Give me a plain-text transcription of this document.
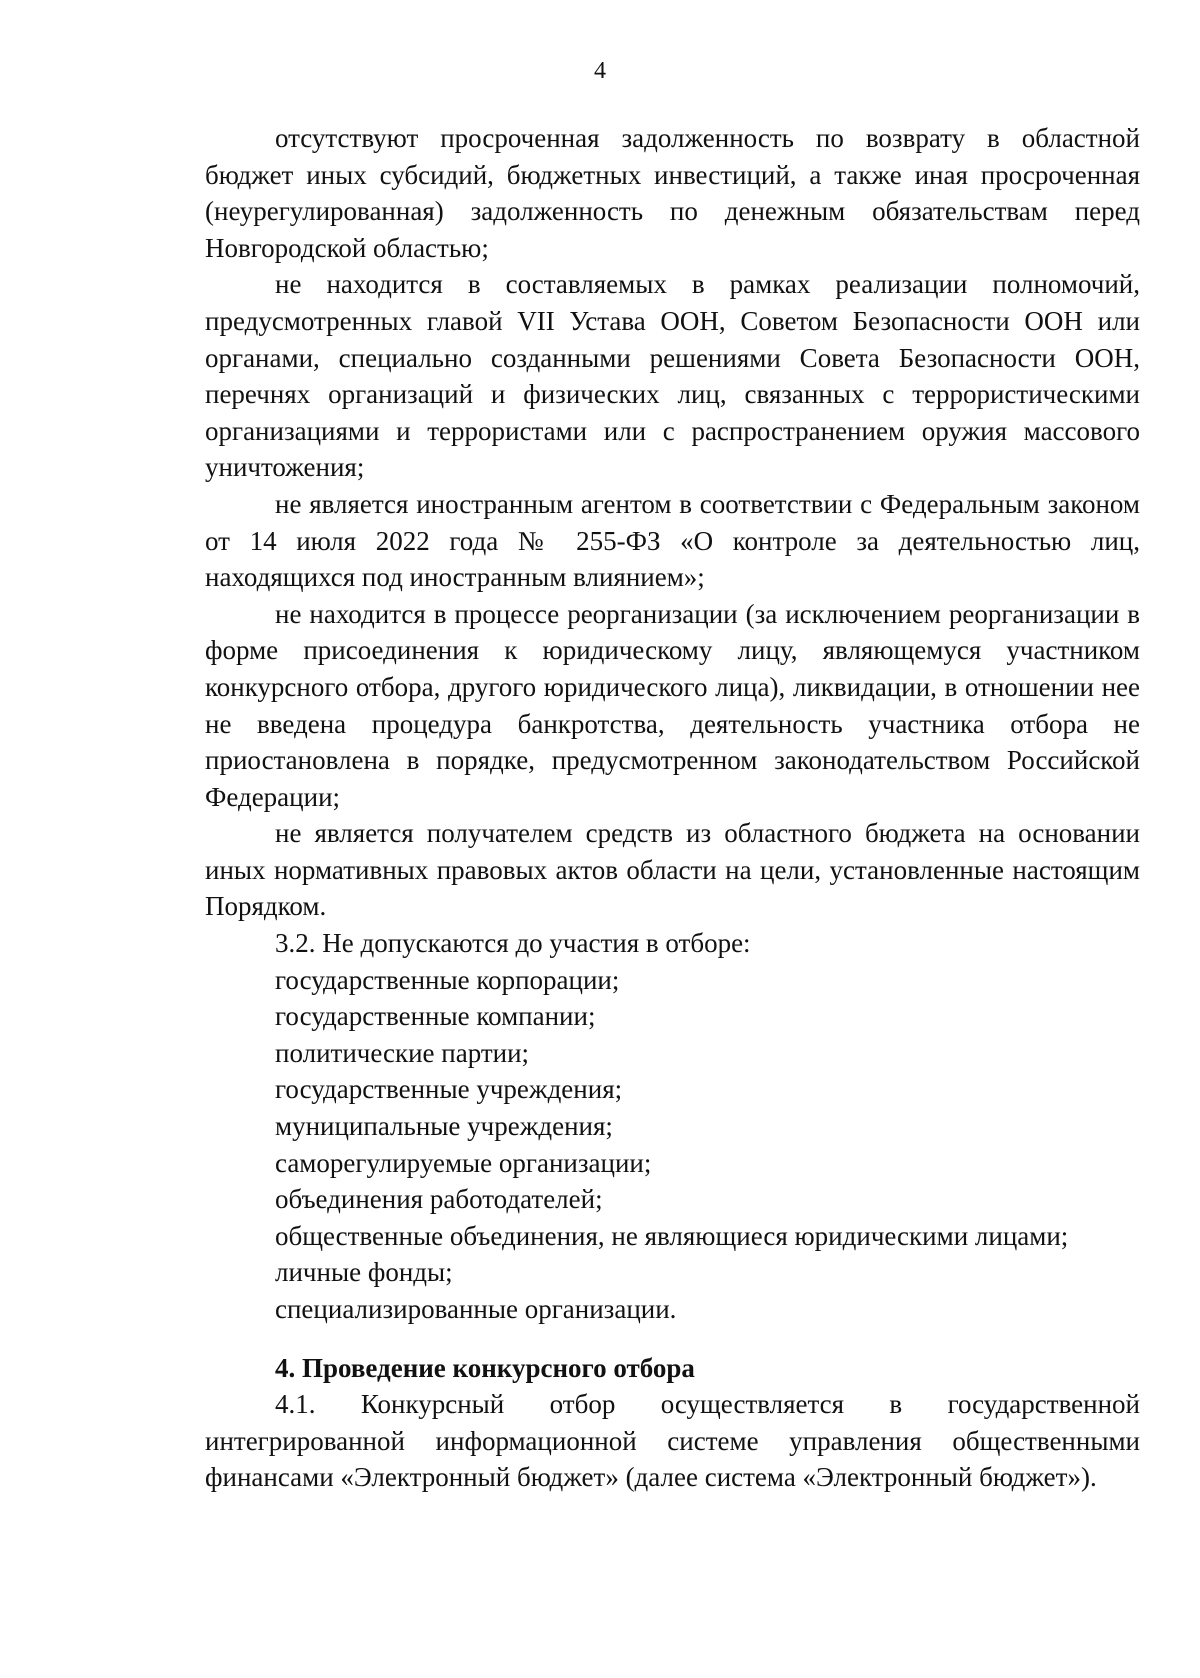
4

отсутствуют просроченная задолженность по возврату в областной бюджет иных субсидий, бюджетных инвестиций, а также иная просроченная (неурегулированная) задолженность по денежным обязательствам перед Новгородской областью;

не находится в составляемых в рамках реализации полномочий, предусмотренных главой VII Устава ООН, Советом Безопасности ООН или органами, специально созданными решениями Совета Безопасности ООН, перечнях организаций и физических лиц, связанных с террористическими организациями и террористами или с распространением оружия массового уничтожения;

не является иностранным агентом в соответствии с Федеральным законом от 14 июля 2022 года № 255-ФЗ «О контроле за деятельностью лиц, находящихся под иностранным влиянием»;

не находится в процессе реорганизации (за исключением реорганизации в форме присоединения к юридическому лицу, являющемуся участником конкурсного отбора, другого юридического лица), ликвидации, в отношении нее не введена процедура банкротства, деятельность участника отбора не приостановлена в порядке, предусмотренном законодательством Российской Федерации;

не является получателем средств из областного бюджета на основании иных нормативных правовых актов области на цели, установленные настоящим Порядком.

3.2. Не допускаются до участия в отборе:

государственные корпорации;

государственные компании;

политические партии;

государственные учреждения;

муниципальные учреждения;

саморегулируемые организации;

объединения работодателей;

общественные объединения, не являющиеся юридическими лицами;

личные фонды;

специализированные организации.

4. Проведение конкурсного отбора

4.1. Конкурсный отбор осуществляется в государственной интегрированной информационной системе управления общественными финансами «Электронный бюджет» (далее система «Электронный бюджет»).
